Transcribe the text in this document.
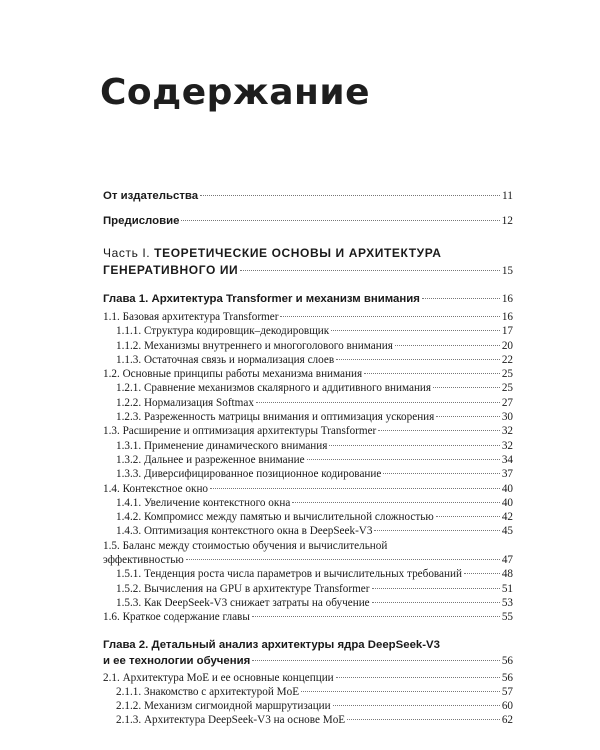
Содержание
От издательства	11
Предисловие	12
Часть I. ТЕОРЕТИЧЕСКИЕ ОСНОВЫ И АРХИТЕКТУРА
ГЕНЕРАТИВНОГО ИИ	15
Глава 1. Архитектура Transformer и механизм внимания	16
1.1. Базовая архитектура Transformer	16
1.1.1. Структура кодировщик–декодировщик	17
1.1.2. Механизмы внутреннего и многоголового внимания	20
1.1.3. Остаточная связь и нормализация слоев	22
1.2. Основные принципы работы механизма внимания	25
1.2.1. Сравнение механизмов скалярного и аддитивного внимания	25
1.2.2. Нормализация Softmax	27
1.2.3. Разреженность матрицы внимания и оптимизация ускорения	30
1.3. Расширение и оптимизация архитектуры Transformer	32
1.3.1. Применение динамического внимания	32
1.3.2. Дальнее и разреженное внимание	34
1.3.3. Диверсифицированное позиционное кодирование	37
1.4. Контекстное окно	40
1.4.1. Увеличение контекстного окна	40
1.4.2. Компромисс между памятью и вычислительной сложностью	42
1.4.3. Оптимизация контекстного окна в DeepSeek-V3	45
1.5. Баланс между стоимостью обучения и вычислительной
эффективностью	47
1.5.1. Тенденция роста числа параметров и вычислительных требований	48
1.5.2. Вычисления на GPU в архитектуре Transformer	51
1.5.3. Как DeepSeek-V3 снижает затраты на обучение	53
1.6. Краткое содержание главы	55
Глава 2. Детальный анализ архитектуры ядра DeepSeek-V3
и ее технологии обучения	56
2.1. Архитектура MoE и ее основные концепции	56
2.1.1. Знакомство с архитектурой MoE	57
2.1.2. Механизм сигмоидной маршрутизации	60
2.1.3. Архитектура DeepSeek-V3 на основе MoE	62
